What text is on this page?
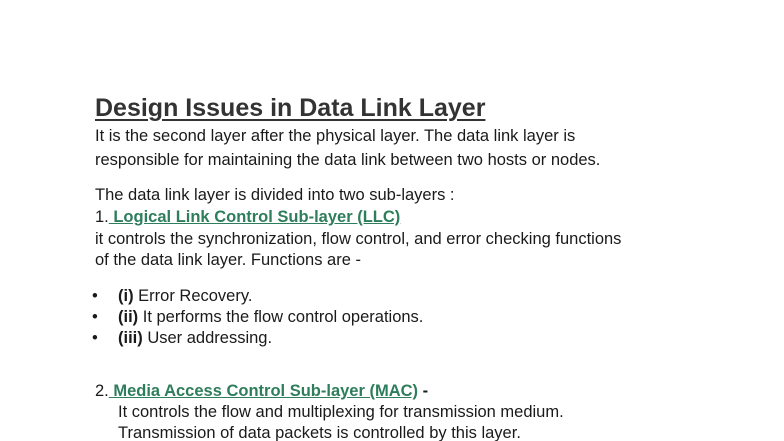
Design Issues in Data Link Layer

It is the second layer after the physical layer. The data link layer is

responsible for maintaining the data link between two hosts or nodes.

The data link layer is divided into two sub-layers :

1. Logical Link Control Sub-layer (LLC)

it controls the synchronization, flow control, and error checking functions

of the data link layer. Functions are -

• (i) Error Recovery.
• (ii) It performs the flow control operations.
• (iii) User addressing.

2. Media Access Control Sub-layer (MAC) -

It controls the flow and multiplexing for transmission medium.

Transmission of data packets is controlled by this layer.
